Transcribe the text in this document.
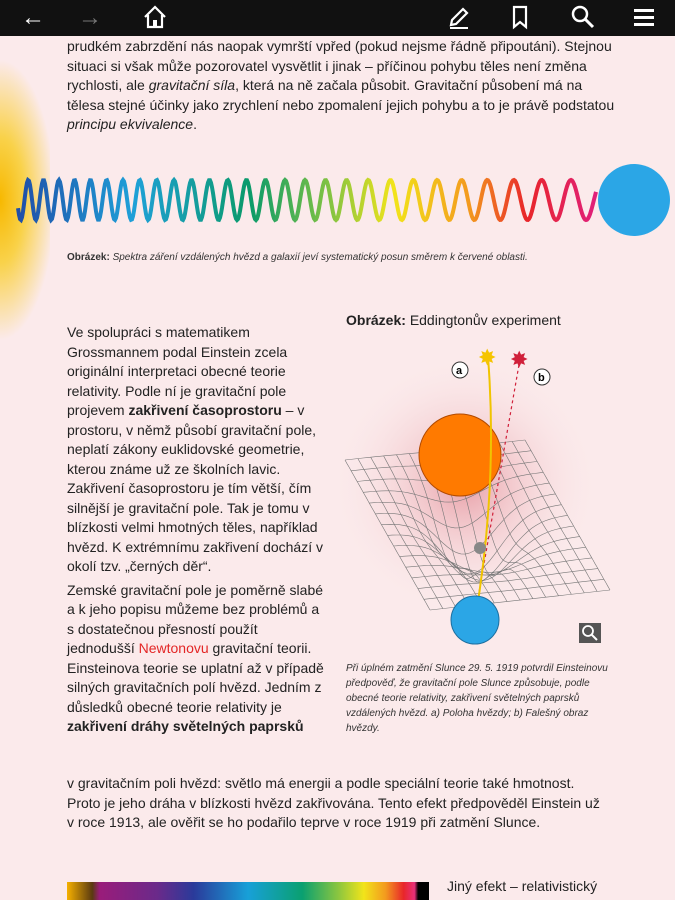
← →
prudkém zabrzdění nás naopak vymrští vpřed (pokud nejsme řádně připoutáni). Stejnou situaci si však může pozorovatel vysvětlit i jinak – příčinou pohybu těles není změna rychlosti, ale gravitační síla, která na ně začala působit. Gravitační působení má na tělesa stejné účinky jako zrychlení nebo zpomalení jejich pohybu a to je právě podstatou principu ekvivalence.
Obrázek: Spektra záření vzdálených hvězd a galaxií jeví systematický posun směrem k červené oblasti.

Ve spolupráci s matematikem Grossmannem podal Einstein zcela originální interpretaci obecné teorie relativity. Podle ní je gravitační pole projevem zakřivení časoprostoru – v prostoru, v němž působí gravitační pole, neplatí zákony euklidovské geometrie, kterou známe už ze školních lavic. Zakřivení časoprostoru je tím větší, čím silnější je gravitační pole. Tak je tomu v blízkosti velmi hmotných těles, například hvězd. K extrémnímu zakřivení dochází v okolí tzv. „černých děr“.

Zemské gravitační pole je poměrně slabé a k jeho popisu můžeme bez problémů a s dostatečnou přesností použít jednodušší Newtonovu gravitační teorii. Einsteinova teorie se uplatní až v případě silných gravitačních polí hvězd. Jedním z důsledků obecné teorie relativity je zakřivení dráhy světelných paprsků

v gravitačním poli hvězd: světlo má energii a podle speciální teorie také hmotnost. Proto je jeho dráha v blízkosti hvězd zakřivována. Tento efekt předpověděl Einstein už v roce 1913, ale ověřit se ho podařilo teprve v roce 1919 při zatmění Slunce.
Obrázek: Eddingtonův experiment
✸ ✸
a
b
Při úplném zatmění Slunce 29. 5. 1919 potvrdil Einsteinovu předpověď, že gravitační pole Slunce způsobuje, podle obecné teorie relativity, zakřivení světelných paprsků vzdálených hvězd. a) Poloha hvězdy; b) Falešný obraz hvězdy.
Jiný efekt – relativistický
